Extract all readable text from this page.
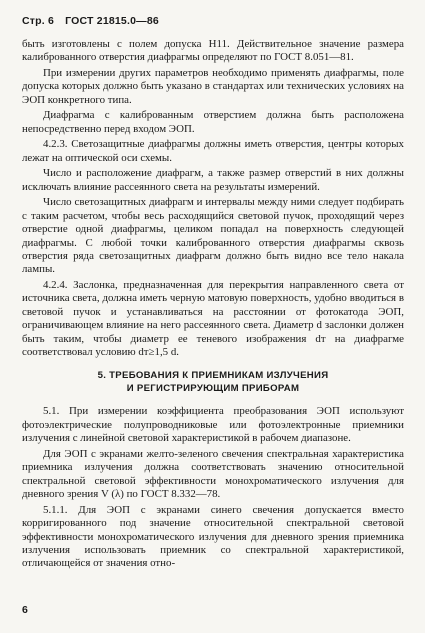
Стр. 6 ГОСТ 21815.0—86

быть изготовлены с полем допуска H11. Действительное значение размера калиброванного отверстия диафрагмы определяют по ГОСТ 8.051—81.

При измерении других параметров необходимо применять диафрагмы, поле допуска которых должно быть указано в стандартах или технических условиях на ЭОП конкретного типа.

Диафрагма с калиброванным отверстием должна быть расположена непосредственно перед входом ЭОП.

4.2.3. Светозащитные диафрагмы должны иметь отверстия, центры которых лежат на оптической оси схемы.

Число и расположение диафрагм, а также размер отверстий в них должны исключать влияние рассеянного света на результаты измерений.

Число светозащитных диафрагм и интервалы между ними следует подбирать с таким расчетом, чтобы весь расходящийся световой пучок, проходящий через отверстие одной диафрагмы, целиком попадал на поверхность следующей диафрагмы. С любой точки калиброванного отверстия диафрагмы сквозь отверстия ряда светозащитных диафрагм должно быть видно все тело накала лампы.

4.2.4. Заслонка, предназначенная для перекрытия направленного света от источника света, должна иметь черную матовую поверхность, удобно вводиться в световой пучок и устанавливаться на расстоянии от фотокатода ЭОП, ограничивающем влияние на него рассеянного света. Диаметр d заслонки должен быть таким, чтобы диаметр ее теневого изображения dт на диафрагме соответствовал условию dт≥1,5 d.

5. ТРЕБОВАНИЯ К ПРИЕМНИКАМ ИЗЛУЧЕНИЯ
И РЕГИСТРИРУЮЩИМ ПРИБОРАМ

5.1. При измерении коэффициента преобразования ЭОП используют фотоэлектрические полупроводниковые или фотоэлектронные приемники излучения с линейной световой характеристикой в рабочем диапазоне.

Для ЭОП с экранами желто-зеленого свечения спектральная характеристика приемника излучения должна соответствовать значению относительной спектральной световой эффективности монохроматического излучения для дневного зрения V (λ) по ГОСТ 8.332—78.

5.1.1. Для ЭОП с экранами синего свечения допускается вместо корригированного под значение относительной спектральной световой эффективности монохроматического излучения для дневного зрения приемника излучения использовать приемник со спектральной характеристикой, отличающейся от значения отно-

6
